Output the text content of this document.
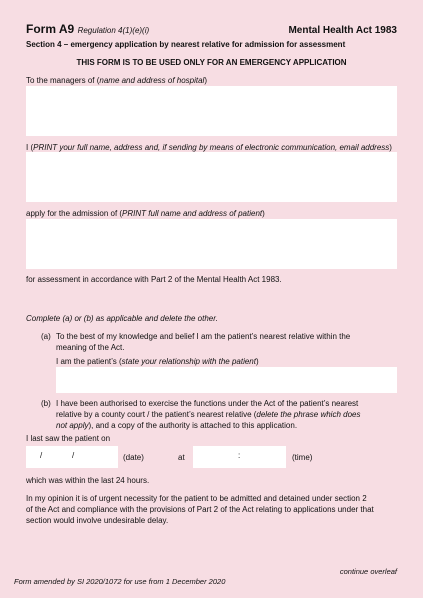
Form A9 Regulation 4(1)(e)(i)	Mental Health Act 1983
Section 4 – emergency application by nearest relative for admission for assessment
THIS FORM IS TO BE USED ONLY FOR AN EMERGENCY APPLICATION
To the managers of (name and address of hospital)
I (PRINT your full name, address and, if sending by means of electronic communication, email address)
apply for the admission of (PRINT full name and address of patient)
for assessment in accordance with Part 2 of the Mental Health Act 1983.
Complete (a) or (b) as applicable and delete the other.
(a) To the best of my knowledge and belief I am the patient’s nearest relative within the
meaning of the Act.
I am the patient’s (state your relationship with the patient)
(b) I have been authorised to exercise the functions under the Act of the patient’s nearest
relative by a county court / the patient’s nearest relative (delete the phrase which does
not apply), and a copy of the authority is attached to this application.
I last saw the patient on
/	/	(date)	at	:	(time)
which was within the last 24 hours.
In my opinion it is of urgent necessity for the patient to be admitted and detained under section 2
of the Act and compliance with the provisions of Part 2 of the Act relating to applications under that
section would involve undesirable delay.
continue overleaf
Form amended by SI 2020/1072 for use from 1 December 2020
